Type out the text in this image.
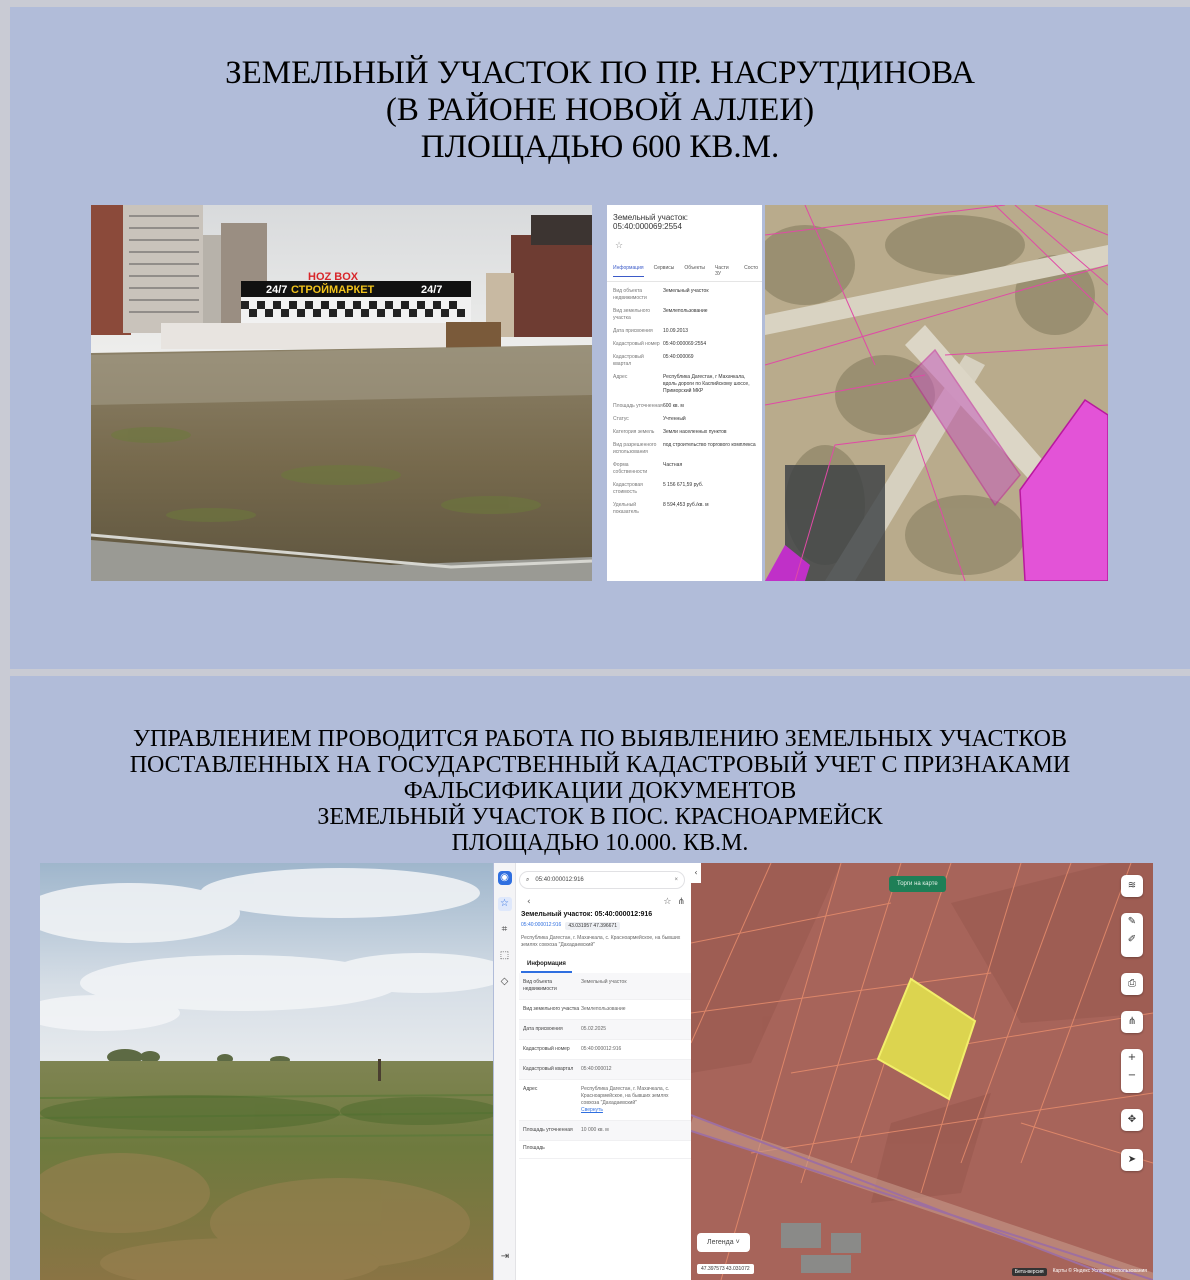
ЗЕМЕЛЬНЫЙ УЧАСТОК ПО ПР. НАСРУТДИНОВА
(В РАЙОНЕ НОВОЙ АЛЛЕИ)
ПЛОЩАДЬЮ 600 КВ.М.
24/7 СТРОЙМАРКЕТ	24/7
HOZ BOX
Земельный участок: 05:40:000069:2554
☆
Информация Сервисы Объекты Части ЗУ
Состо
Вид объекта недвижимости
Земельный участок
Вид земельного участка
Землепользование
Дата присвоения	10.09.2013
Кадастровый номер 05:40:000069:2554
Кадастровый квартал
05:40:000069
Адрес	Республика Дагестан, г Махачкала, вдоль дороги по Каспийскому шоссе, Приморский МКР
Площадь уточненная 600 кв. м
Статус	Учтенный
Категория земель	Земли населенных пунктов
Вид разрешенного использования
под строительство торгового комплекса
Форма собственности
Частная
Кадастровая стоимость
5 156 671,59 руб.
Удельный показатель
8 594,453 руб./кв. м
УПРАВЛЕНИЕМ ПРОВОДИТСЯ РАБОТА ПО ВЫЯВЛЕНИЮ ЗЕМЕЛЬНЫХ УЧАСТКОВ
ПОСТАВЛЕННЫХ НА ГОСУДАРСТВЕННЫЙ КАДАСТРОВЫЙ УЧЕТ С ПРИЗНАКАМИ
ФАЛЬСИФИКАЦИИ ДОКУМЕНТОВ
ЗЕМЕЛЬНЫЙ УЧАСТОК В ПОС. КРАСНОАРМЕЙСК
ПЛОЩАДЬЮ 10.000. КВ.М.
◉
☆
⌗
⬚
◇
⇥
⌕ 05:40:000012:916	×
‹	☆ ⋔
Земельный участок: 05:40:000012:916
05:40:000012:916	43.031957 47.396671
Республика Дагестан, г. Махачкала, с. Красноармейское, на бывших землях совхоза "Дахадаевский"
Информация
Вид объекта недвижимости
Земельный участок
Вид земельного участка Землепользование
Дата присвоения	05.02.2025
Кадастровый номер	05:40:000012:916
Кадастровый квартал	05:40:000012
Адрес	Республика Дагестан, г. Махачкала, с. Красноармейское, на бывших землях совхоза "Дахадаевский"
Свернуть
Площадь уточненная	10 000 кв. м
Площадь
Торги на карте	≋
✎
✐
⎙
⋔
+
−
✥
➤
Легенда ˅
47.397573 43.031072	Бета-версия	Карты © Яндекс Условия использования
‹
